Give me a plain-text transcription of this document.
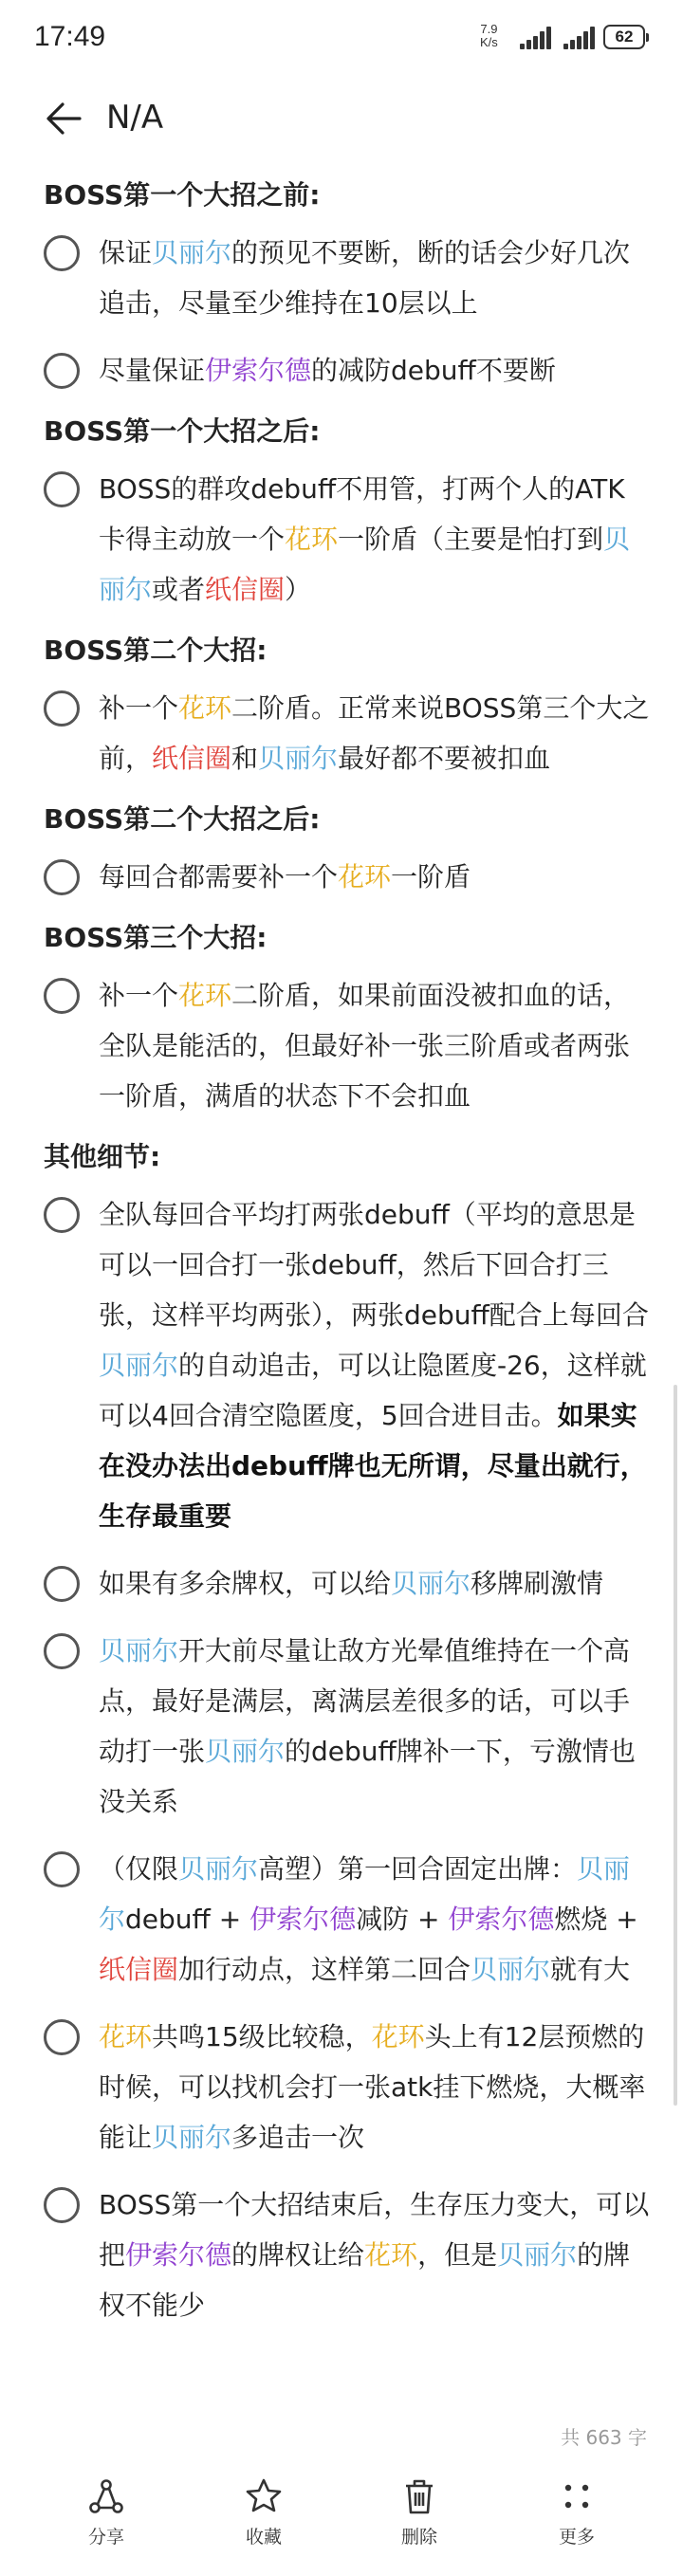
17:49	7.9
K/s	62
N/A
BOSS第一个大招之前:
保证贝丽尔的预见不要断，断的话会少好几次追击，尽量至少维持在10层以上
尽量保证伊索尔德的减防debuff不要断
BOSS第一个大招之后:
BOSS的群攻debuff不用管，打两个人的ATK卡得主动放一个花环一阶盾（主要是怕打到贝丽尔或者纸信圈）
BOSS第二个大招:
补一个花环二阶盾。正常来说BOSS第三个大之前，纸信圈和贝丽尔最好都不要被扣血
BOSS第二个大招之后:
每回合都需要补一个花环一阶盾
BOSS第三个大招:
补一个花环二阶盾，如果前面没被扣血的话，全队是能活的，但最好补一张三阶盾或者两张一阶盾，满盾的状态下不会扣血
其他细节:
全队每回合平均打两张debuff（平均的意思是可以一回合打一张debuff，然后下回合打三张，这样平均两张），两张debuff配合上每回合贝丽尔的自动追击，可以让隐匿度-26，这样就可以4回合清空隐匿度，5回合进目击。如果实在没办法出debuff牌也无所谓，尽量出就行，生存最重要
如果有多余牌权，可以给贝丽尔移牌刷激情
贝丽尔开大前尽量让敌方光晕值维持在一个高点，最好是满层，离满层差很多的话，可以手动打一张贝丽尔的debuff牌补一下，亏激情也没关系
（仅限贝丽尔高塑）第一回合固定出牌：贝丽尔debuff + 伊索尔德减防 + 伊索尔德燃烧 + 纸信圈加行动点，这样第二回合贝丽尔就有大
花环共鸣15级比较稳，花环头上有12层预燃的时候，可以找机会打一张atk挂下燃烧，大概率能让贝丽尔多追击一次
BOSS第一个大招结束后，生存压力变大，可以把伊索尔德的牌权让给花环，但是贝丽尔的牌权不能少
共 663 字
分享	收藏	删除	更多
